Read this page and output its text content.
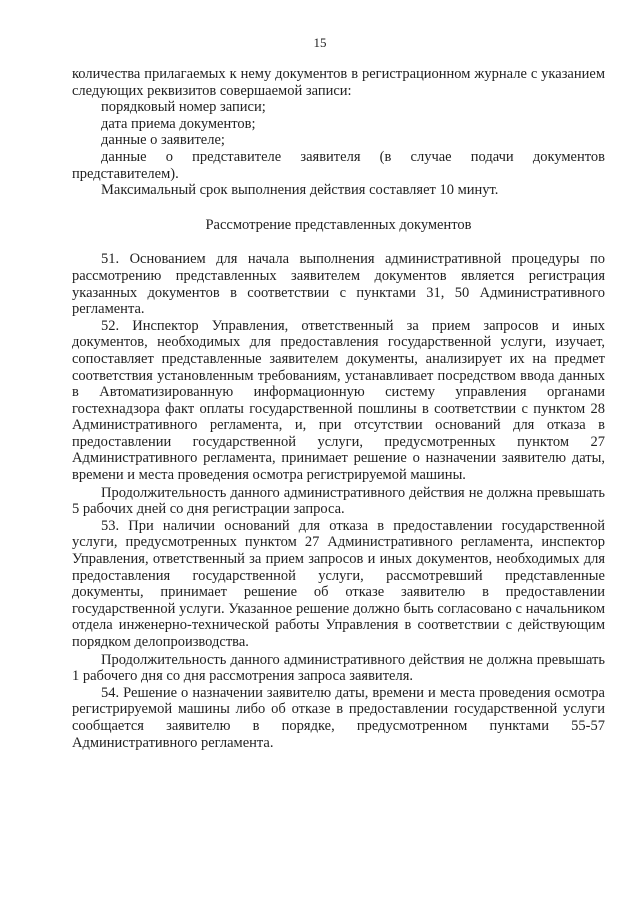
15

количества прилагаемых к нему документов в регистрационном журнале с указанием следующих реквизитов совершаемой записи:

порядковый номер записи;

дата приема документов;

данные о заявителе;

данные о представителе заявителя (в случае подачи документов представителем).

Максимальный срок выполнения действия составляет 10 минут.

Рассмотрение представленных документов

51. Основанием для начала выполнения административной процедуры по рассмотрению представленных заявителем документов является регистрация указанных документов в соответствии с пунктами 31, 50 Административного регламента.

52. Инспектор Управления, ответственный за прием запросов и иных документов, необходимых для предоставления государственной услуги, изучает, сопоставляет представленные заявителем документы, анализирует их на предмет соответствия установленным требованиям, устанавливает посредством ввода данных в Автоматизированную информационную систему управления органами гостехнадзора факт оплаты государственной пошлины в соответствии с пунктом 28 Административного регламента, и, при отсутствии оснований для отказа в предоставлении государственной услуги, предусмотренных пунктом 27 Административного регламента, принимает решение о назначении заявителю даты, времени и места проведения осмотра регистрируемой машины.

Продолжительность данного административного действия не должна превышать 5 рабочих дней со дня регистрации запроса.

53. При наличии оснований для отказа в предоставлении государственной услуги, предусмотренных пунктом 27 Административного регламента, инспектор Управления, ответственный за прием запросов и иных документов, необходимых для предоставления государственной услуги, рассмотревший представленные документы, принимает решение об отказе заявителю в предоставлении государственной услуги. Указанное решение должно быть согласовано с начальником отдела инженерно-технической работы Управления в соответствии с действующим порядком делопроизводства.

Продолжительность данного административного действия не должна превышать 1 рабочего дня со дня рассмотрения запроса заявителя.

54. Решение о назначении заявителю даты, времени и места проведения осмотра регистрируемой машины либо об отказе в предоставлении государственной услуги сообщается заявителю в порядке, предусмотренном пунктами 55-57 Административного регламента.
